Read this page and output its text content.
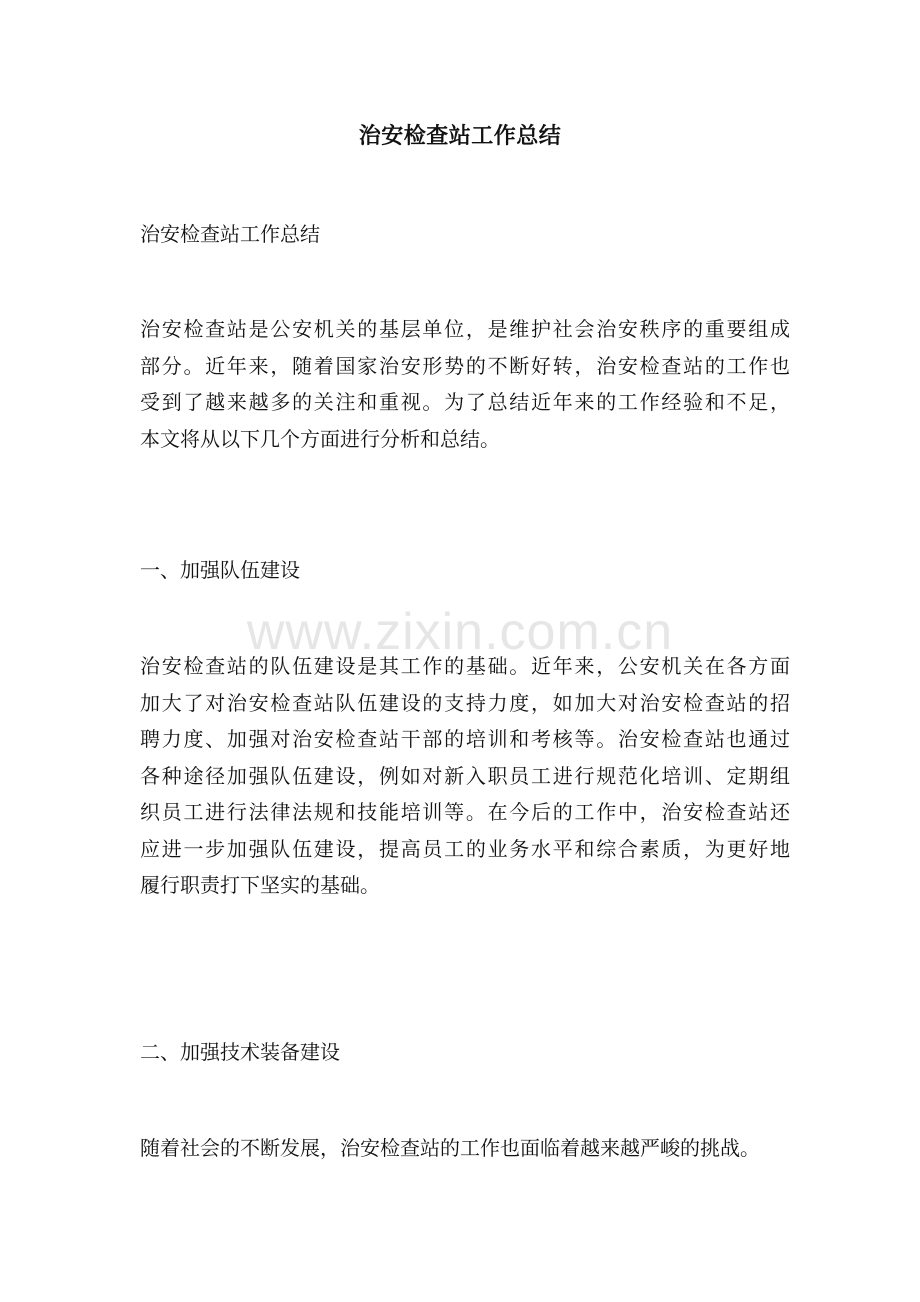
治安检查站工作总结

治安检查站工作总结

治安检查站是公安机关的基层单位，是维护社会治安秩序的重要组成
部分。近年来，随着国家治安形势的不断好转，治安检查站的工作也
受到了越来越多的关注和重视。为了总结近年来的工作经验和不足，
本文将从以下几个方面进行分析和总结。

一、加强队伍建设

治安检查站的队伍建设是其工作的基础。近年来，公安机关在各方面
加大了对治安检查站队伍建设的支持力度，如加大对治安检查站的招
聘力度、加强对治安检查站干部的培训和考核等。治安检查站也通过
各种途径加强队伍建设，例如对新入职员工进行规范化培训、定期组
织员工进行法律法规和技能培训等。在今后的工作中，治安检查站还
应进一步加强队伍建设，提高员工的业务水平和综合素质，为更好地
履行职责打下坚实的基础。

二、加强技术装备建设

随着社会的不断发展，治安检查站的工作也面临着越来越严峻的挑战。

www.zixin.com.cn
